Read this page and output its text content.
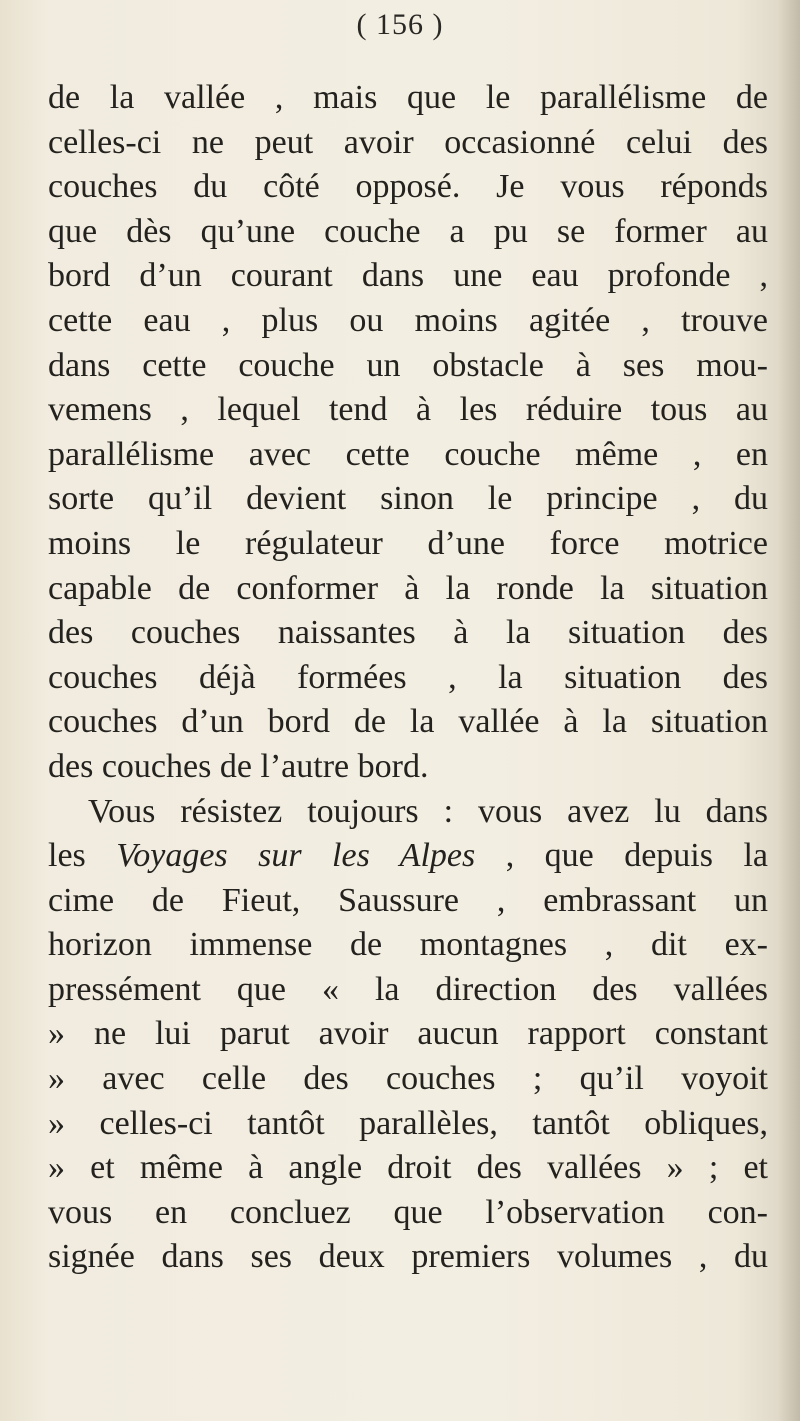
( 156 )
de la vallée , mais que le parallélisme de
celles-ci ne peut avoir occasionné celui des
couches du côté opposé. Je vous réponds
que dès qu’une couche a pu se former au
bord d’un courant dans une eau profonde ,
cette eau , plus ou moins agitée , trouve
dans cette couche un obstacle à ses mou-
vemens , lequel tend à les réduire tous au
parallélisme avec cette couche même , en
sorte qu’il devient sinon le principe , du
moins le régulateur d’une force motrice
capable de conformer à la ronde la situation
des couches naissantes à la situation des
couches déjà formées , la situation des
couches d’un bord de la vallée à la situation
des couches de l’autre bord.
Vous résistez toujours : vous avez lu dans
les Voyages sur les Alpes , que depuis la
cime de Fieut, Saussure , embrassant un
horizon immense de montagnes , dit ex-
pressément que « la direction des vallées
» ne lui parut avoir aucun rapport constant
» avec celle des couches ; qu’il voyoit
» celles-ci tantôt parallèles, tantôt obliques,
» et même à angle droit des vallées » ; et
vous en concluez que l’observation con-
signée dans ses deux premiers volumes , du
